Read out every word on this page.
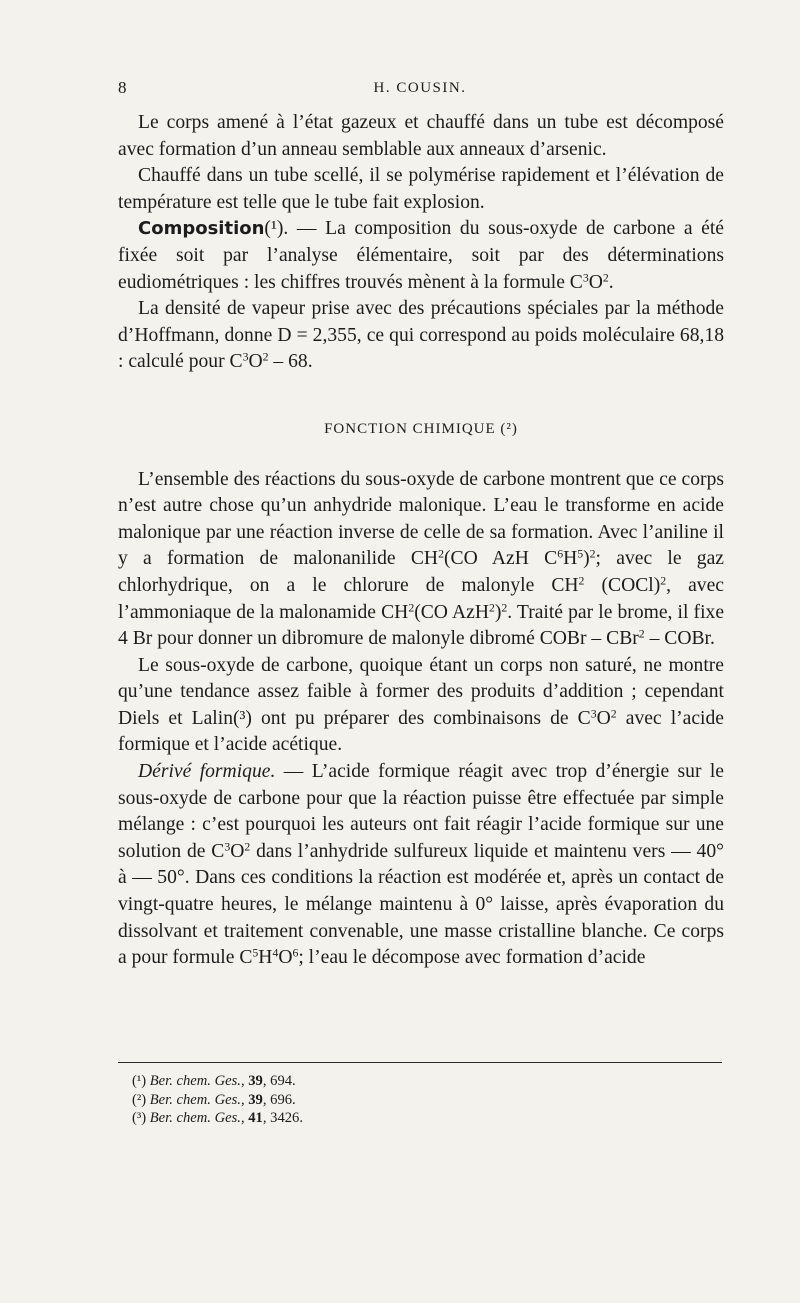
8	H. COUSIN.

Le corps amené à l’état gazeux et chauffé dans un tube est décomposé avec formation d’un anneau semblable aux anneaux d’arsenic.

Chauffé dans un tube scellé, il se polymérise rapidement et l’élévation de température est telle que le tube fait explosion.

Composition(¹). — La composition du sous-oxyde de carbone a été fixée soit par l’analyse élémentaire, soit par des déterminations eudiométriques : les chiffres trouvés mènent à la formule $C^3O^2$.

La densité de vapeur prise avec des précautions spéciales par la méthode d’Hoffmann, donne D = 2,355, ce qui correspond au poids moléculaire 68,18 : calculé pour $C^3O^2 - 68$.

FONCTION CHIMIQUE (²)

L’ensemble des réactions du sous-oxyde de carbone montrent que ce corps n’est autre chose qu’un anhydride malonique. L’eau le transforme en acide malonique par une réaction inverse de celle de sa formation. Avec l’aniline il y a formation de malonanilide $CH^2(CO$ AzH $C^6H^5)^2$; avec le gaz chlorhydrique, on a le chlorure de malonyle $CH^2$ (COCl)$^2$, avec l’ammoniaque de la malonamide $CH^2(CO$ AzH$^2$)$^2$. Traité par le brome, il fixe 4 Br pour donner un dibromure de malonyle dibromé COBr – CBr$^2$ – COBr.

Le sous-oxyde de carbone, quoique étant un corps non saturé, ne montre qu’une tendance assez faible à former des produits d’addition ; cependant Diels et Lalin(³) ont pu préparer des combinaisons de $C^3O^2$ avec l’acide formique et l’acide acétique.

Dérivé formique. — L’acide formique réagit avec trop d’énergie sur le sous-oxyde de carbone pour que la réaction puisse être effectuée par simple mélange : c’est pourquoi les auteurs ont fait réagir l’acide formique sur une solution de $C^3O^2$ dans l’anhydride sulfureux liquide et maintenu vers — 40° à — 50°. Dans ces conditions la réaction est modérée et, après un contact de vingt-quatre heures, le mélange maintenu à 0° laisse, après évaporation du dissolvant et traitement convenable, une masse cristalline blanche. Ce corps a pour formule $C^5H^4O^6$; l’eau le décompose avec formation d’acide

(¹) Ber. chem. Ges., 39, 694.
(²) Ber. chem. Ges., 39, 696.
(³) Ber. chem. Ges., 41, 3426.
